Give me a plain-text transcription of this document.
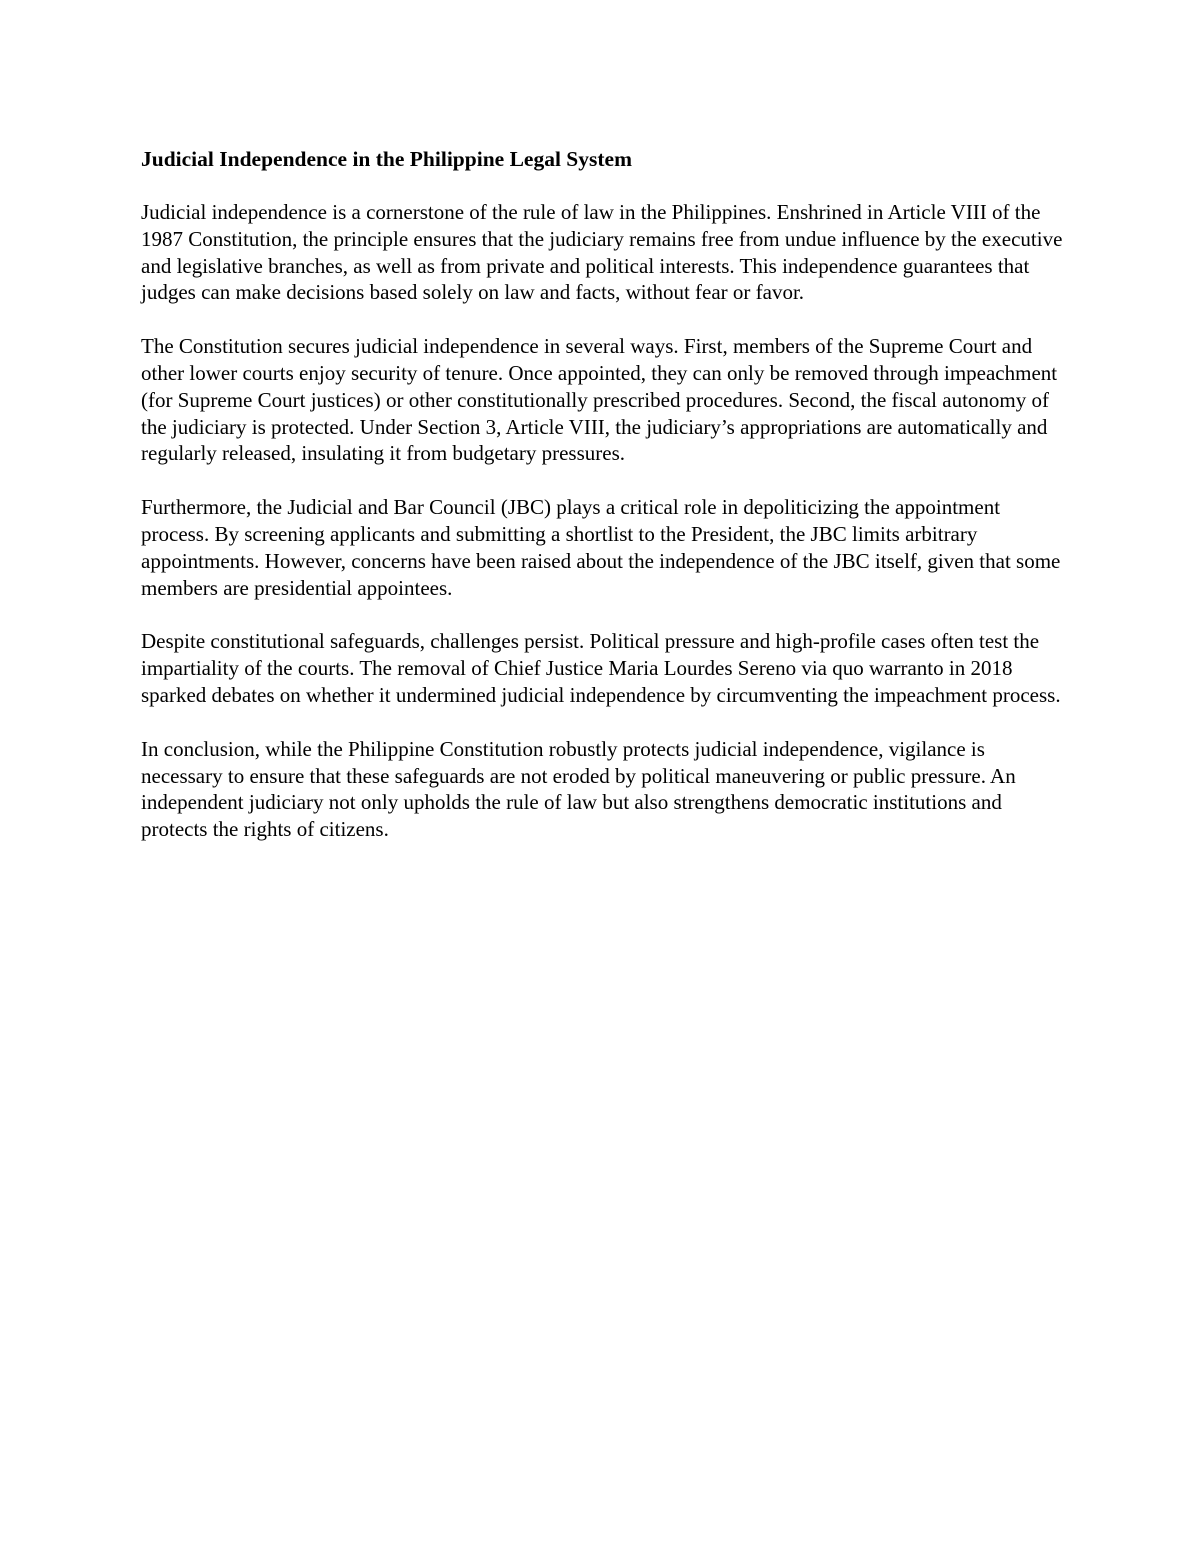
Judicial Independence in the Philippine Legal System

Judicial independence is a cornerstone of the rule of law in the Philippines. Enshrined in Article VIII of the 1987 Constitution, the principle ensures that the judiciary remains free from undue influence by the executive and legislative branches, as well as from private and political interests. This independence guarantees that judges can make decisions based solely on law and facts, without fear or favor.

The Constitution secures judicial independence in several ways. First, members of the Supreme Court and other lower courts enjoy security of tenure. Once appointed, they can only be removed through impeachment (for Supreme Court justices) or other constitutionally prescribed procedures. Second, the fiscal autonomy of the judiciary is protected. Under Section 3, Article VIII, the judiciary’s appropriations are automatically and regularly released, insulating it from budgetary pressures.

Furthermore, the Judicial and Bar Council (JBC) plays a critical role in depoliticizing the appointment process. By screening applicants and submitting a shortlist to the President, the JBC limits arbitrary appointments. However, concerns have been raised about the independence of the JBC itself, given that some members are presidential appointees.

Despite constitutional safeguards, challenges persist. Political pressure and high-profile cases often test the impartiality of the courts. The removal of Chief Justice Maria Lourdes Sereno via quo warranto in 2018 sparked debates on whether it undermined judicial independence by circumventing the impeachment process.

In conclusion, while the Philippine Constitution robustly protects judicial independence, vigilance is necessary to ensure that these safeguards are not eroded by political maneuvering or public pressure. An independent judiciary not only upholds the rule of law but also strengthens democratic institutions and protects the rights of citizens.
